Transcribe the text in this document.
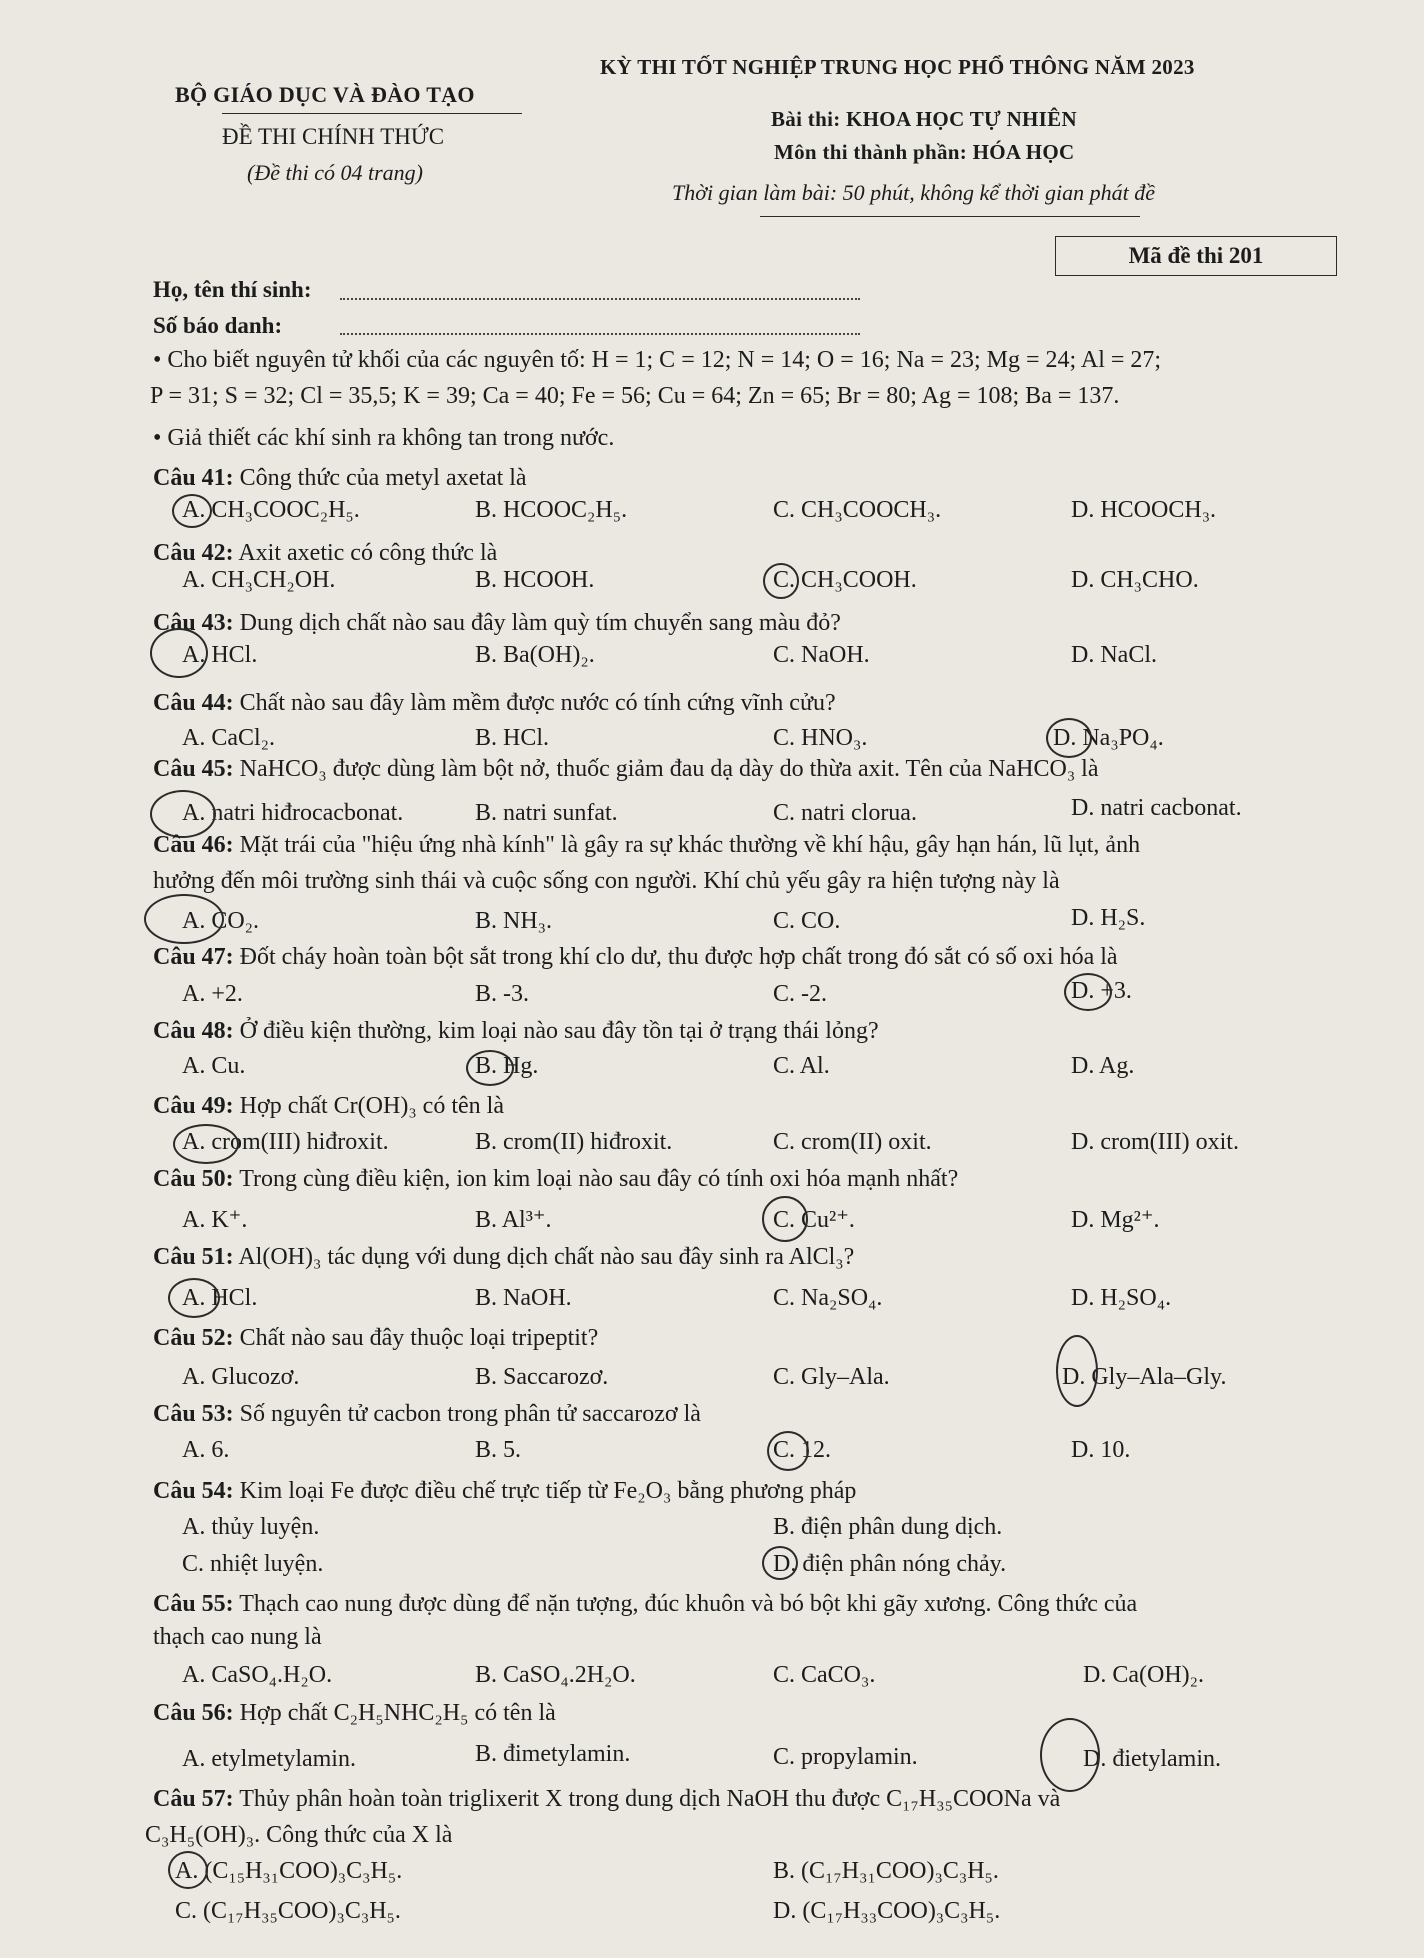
BỘ GIÁO DỤC VÀ ĐÀO TẠO
ĐỀ THI CHÍNH THỨC
(Đề thi có 04 trang)
KỲ THI TỐT NGHIỆP TRUNG HỌC PHỔ THÔNG NĂM 2023
Bài thi: KHOA HỌC TỰ NHIÊN
Môn thi thành phần: HÓA HỌC
Thời gian làm bài: 50 phút, không kể thời gian phát đề
Mã đề thi 201
Họ, tên thí sinh:
Số báo danh:
• Cho biết nguyên tử khối của các nguyên tố: H = 1; C = 12; N = 14; O = 16; Na = 23; Mg = 24; Al = 27;
P = 31; S = 32; Cl = 35,5; K = 39; Ca = 40; Fe = 56; Cu = 64; Zn = 65; Br = 80; Ag = 108; Ba = 137.
• Giả thiết các khí sinh ra không tan trong nước.
Câu 41: Công thức của metyl axetat là
A. CH₃COOC₂H₅.	B. HCOOC₂H₅.	C. CH₃COOCH₃.	D. HCOOCH₃.
Câu 42: Axit axetic có công thức là
A. CH₃CH₂OH.	B. HCOOH.	C. CH₃COOH.	D. CH₃CHO.
Câu 43: Dung dịch chất nào sau đây làm quỳ tím chuyển sang màu đỏ?
A. HCl.	B. Ba(OH)₂.	C. NaOH.	D. NaCl.
Câu 44: Chất nào sau đây làm mềm được nước có tính cứng vĩnh cửu?
A. CaCl₂.	B. HCl.	C. HNO₃.	D. Na₃PO₄.
Câu 45: NaHCO₃ được dùng làm bột nở, thuốc giảm đau dạ dày do thừa axit. Tên của NaHCO₃ là
A. natri hiđrocacbonat.	B. natri sunfat.	C. natri clorua.	D. natri cacbonat.
Câu 46: Mặt trái của "hiệu ứng nhà kính" là gây ra sự khác thường về khí hậu, gây hạn hán, lũ lụt, ảnh
hưởng đến môi trường sinh thái và cuộc sống con người. Khí chủ yếu gây ra hiện tượng này là
A. CO₂.	B. NH₃.	C. CO.	D. H₂S.
Câu 47: Đốt cháy hoàn toàn bột sắt trong khí clo dư, thu được hợp chất trong đó sắt có số oxi hóa là
A. +2.	B. -3.	C. -2.	D. +3.
Câu 48: Ở điều kiện thường, kim loại nào sau đây tồn tại ở trạng thái lỏng?
A. Cu.	B. Hg.	C. Al.	D. Ag.
Câu 49: Hợp chất Cr(OH)₃ có tên là
A. crom(III) hiđroxit.	B. crom(II) hiđroxit.	C. crom(II) oxit.	D. crom(III) oxit.
Câu 50: Trong cùng điều kiện, ion kim loại nào sau đây có tính oxi hóa mạnh nhất?
A. K⁺.	B. Al³⁺.	C. Cu²⁺.	D. Mg²⁺.
Câu 51: Al(OH)₃ tác dụng với dung dịch chất nào sau đây sinh ra AlCl₃?
A. HCl.	B. NaOH.	C. Na₂SO₄.	D. H₂SO₄.
Câu 52: Chất nào sau đây thuộc loại tripeptit?
A. Glucozơ.	B. Saccarozơ.	C. Gly–Ala.	D. Gly–Ala–Gly.
Câu 53: Số nguyên tử cacbon trong phân tử saccarozơ là
A. 6.	B. 5.	C. 12.	D. 10.
Câu 54: Kim loại Fe được điều chế trực tiếp từ Fe₂O₃ bằng phương pháp
A. thủy luyện.	B. điện phân dung dịch.
C. nhiệt luyện.	D. điện phân nóng chảy.
Câu 55: Thạch cao nung được dùng để nặn tượng, đúc khuôn và bó bột khi gãy xương. Công thức của
thạch cao nung là
A. CaSO₄.H₂O.	B. CaSO₄.2H₂O.	C. CaCO₃.	D. Ca(OH)₂.
Câu 56: Hợp chất C₂H₅NHC₂H₅ có tên là
A. etylmetylamin.	B. đimetylamin.	C. propylamin.	D. đietylamin.
Câu 57: Thủy phân hoàn toàn triglixerit X trong dung dịch NaOH thu được C₁₇H₃₅COONa và
C₃H₅(OH)₃. Công thức của X là
A. (C₁₅H₃₁COO)₃C₃H₅.	B. (C₁₇H₃₁COO)₃C₃H₅.
C. (C₁₇H₃₅COO)₃C₃H₅.	D. (C₁₇H₃₃COO)₃C₃H₅.
